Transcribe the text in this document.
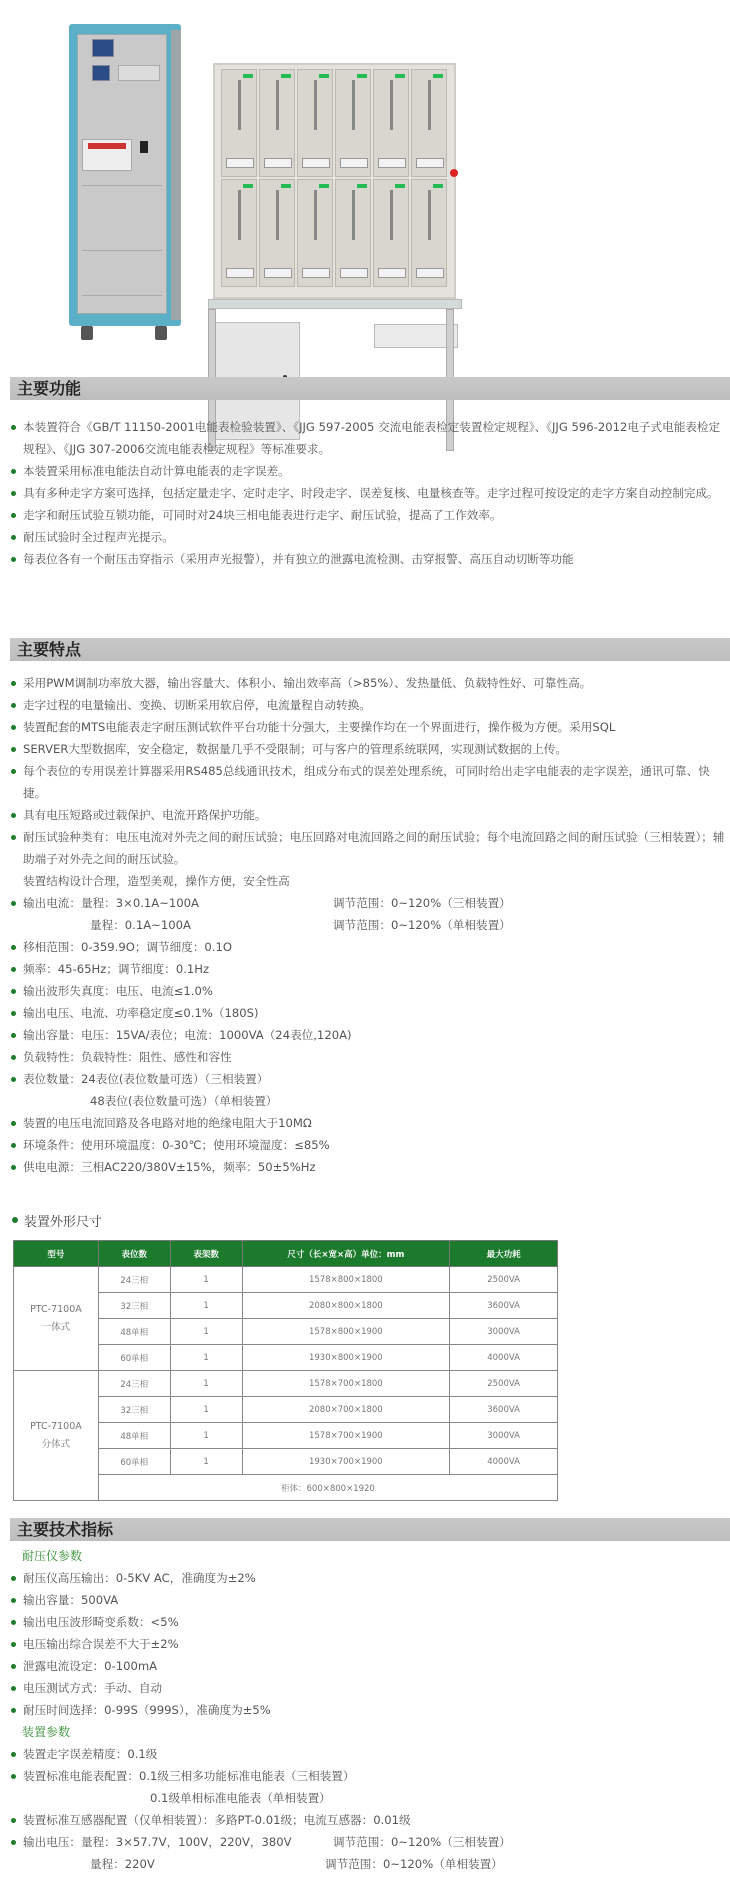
主要功能
本装置符合《GB/T 11150-2001电能表检验装置》、《JJG 597-2005 交流电能表检定装置检定规程》、《JJG 596-2012电子式电能表检定规程》、《JJG 307-2006交流电能表检定规程》等标准要求。
本装置采用标准电能法自动计算电能表的走字误差。
具有多种走字方案可选择，包括定量走字、定时走字、时段走字、误差复核、电量核查等。走字过程可按设定的走字方案自动控制完成。
走字和耐压试验互锁功能，可同时对24块三相电能表进行走字、耐压试验，提高了工作效率。
耐压试验时全过程声光提示。
每表位各有一个耐压击穿指示（采用声光报警），并有独立的泄露电流检测、击穿报警、高压自动切断等功能
主要特点
采用PWM调制功率放大器，输出容量大、体积小、输出效率高（>85%）、发热量低、负载特性好、可靠性高。
走字过程的电量输出、变换、切断采用软启停，电流量程自动转换。
装置配套的MTS电能表走字耐压测试软件平台功能十分强大，主要操作均在一个界面进行，操作极为方便。采用SQL
SERVER大型数据库，安全稳定，数据量几乎不受限制；可与客户的管理系统联网，实现测试数据的上传。
每个表位的专用误差计算器采用RS485总线通讯技术，组成分布式的误差处理系统，可同时给出走字电能表的走字误差，通讯可靠、快捷。
具有电压短路或过载保护、电流开路保护功能。
耐压试验种类有：电压电流对外壳之间的耐压试验；电压回路对电流回路之间的耐压试验；每个电流回路之间的耐压试验（三相装置）；辅助端子对外壳之间的耐压试验。
装置结构设计合理，造型美观，操作方便，安全性高
输出电流：量程：3×0.1A~100A	调节范围：0~120%（三相装置）
量程：0.1A~100A	调节范围：0~120%（单相装置）
移相范围：0-359.9O；调节细度：0.1O
频率：45-65Hz；调节细度：0.1Hz
输出波形失真度：电压、电流≤1.0%
输出电压、电流、功率稳定度≤0.1%（180S)
输出容量：电压：15VA/表位；电流：1000VA（24表位,120A)
负载特性：负载特性：阻性、感性和容性
表位数量：24表位(表位数量可选）（三相装置）
48表位(表位数量可选）（单相装置）
装置的电压电流回路及各电路对地的绝缘电阻大于10MΩ
环境条件：使用环境温度：0-30℃；使用环境湿度：≤85%
供电电源：三相AC220/380V±15%，频率：50±5%Hz
装置外形尺寸
型号	表位数	表架数	尺寸（长×宽×高）单位：mm	最大功耗

PTC-7100A
一体式	24三相	1	1578×800×1800	2500VA
	32三相	1	2080×800×1800	3600VA
	48单相	1	1578×800×1900	3000VA
	60单相	1	1930×800×1900	4000VA

PTC-7100A
分体式	24三相	1	1578×700×1800	2500VA
	32三相	1	2080×700×1800	3600VA
	48单相	1	1578×700×1900	3000VA
	60单相	1	1930×700×1900	4000VA
	柜体：600×800×1920			
主要技术指标
耐压仪参数
耐压仪高压输出：0-5KV AC，准确度为±2%
输出容量：500VA
输出电压波形畸变系数：<5%
电压输出综合误差不大于±2%
泄露电流设定：0-100mA
电压测试方式：手动、自动
耐压时间选择：0-99S（999S），准确度为±5%
装置参数
装置走字误差精度：0.1级
装置标准电能表配置：0.1级三相多功能标准电能表（三相装置）
0.1级单相标准电能表（单相装置）
装置标准互感器配置（仅单相装置）：多路PT-0.01级；电流互感器：0.01级
输出电压：量程：3×57.7V，100V，220V，380V	调节范围：0~120%（三相装置）
量程：220V	调节范围：0~120%（单相装置）
